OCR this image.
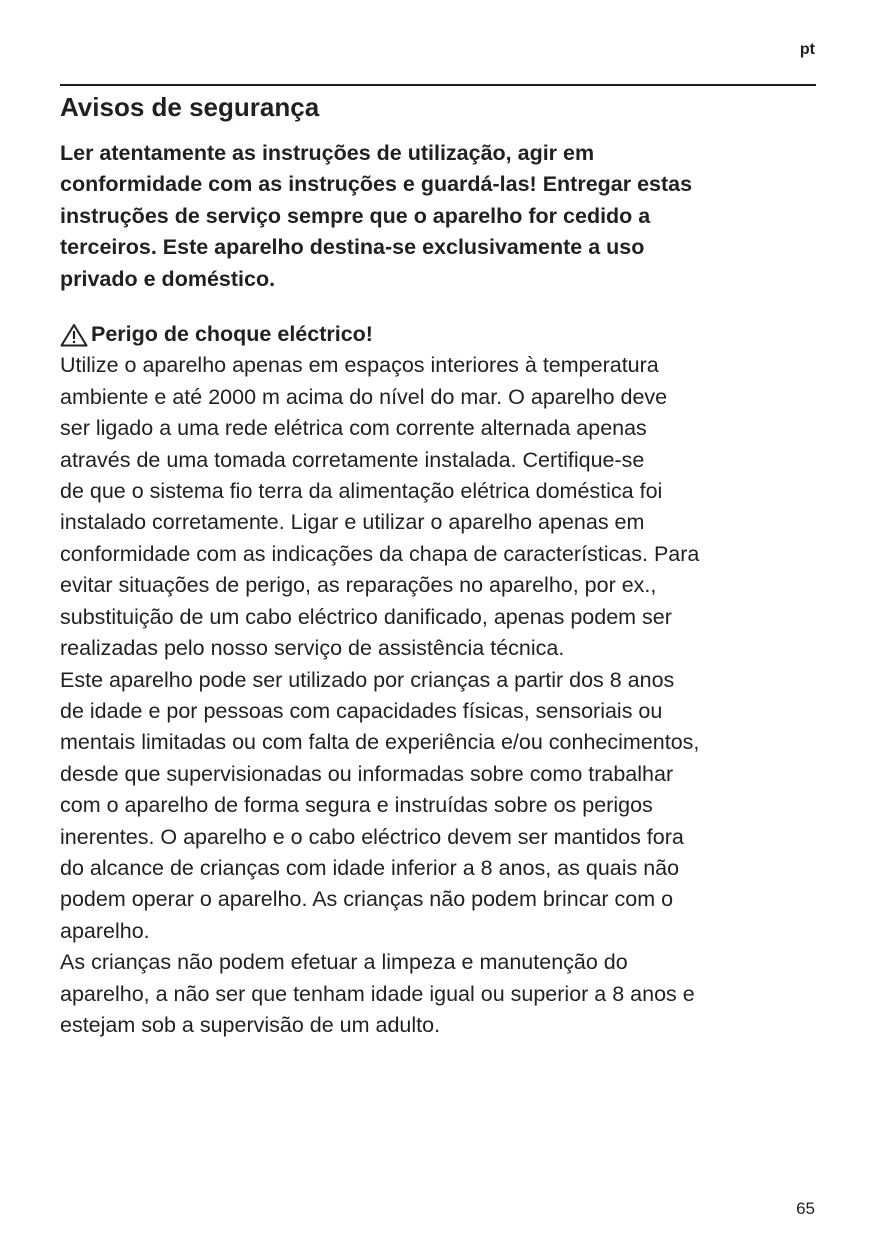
pt
Avisos de segurança

Ler atentamente as instruções de utilização, agir em
conformidade com as instruções e guardá-las! Entregar estas
instruções de serviço sempre que o aparelho for cedido a
terceiros. Este aparelho destina-se exclusivamente a uso
privado e doméstico.

Perigo de choque eléctrico!

Utilize o aparelho apenas em espaços interiores à temperatura
ambiente e até 2000 m acima do nível do mar. O aparelho deve
ser ligado a uma rede elétrica com corrente alternada apenas
através de uma tomada corretamente instalada. Certifique-se
de que o sistema fio terra da alimentação elétrica doméstica foi
instalado corretamente. Ligar e utilizar o aparelho apenas em
conformidade com as indicações da chapa de características. Para
evitar situações de perigo, as reparações no aparelho, por ex.,
substituição de um cabo eléctrico danificado, apenas podem ser
realizadas pelo nosso serviço de assistência técnica.
Este aparelho pode ser utilizado por crianças a partir dos 8 anos
de idade e por pessoas com capacidades físicas, sensoriais ou
mentais limitadas ou com falta de experiência e/ou conhecimentos,
desde que supervisionadas ou informadas sobre como trabalhar
com o aparelho de forma segura e instruídas sobre os perigos
inerentes. O aparelho e o cabo eléctrico devem ser mantidos fora
do alcance de crianças com idade inferior a 8 anos, as quais não
podem operar o aparelho. As crianças não podem brincar com o
aparelho.
As crianças não podem efetuar a limpeza e manutenção do
aparelho, a não ser que tenham idade igual ou superior a 8 anos e
estejam sob a supervisão de um adulto.

65
